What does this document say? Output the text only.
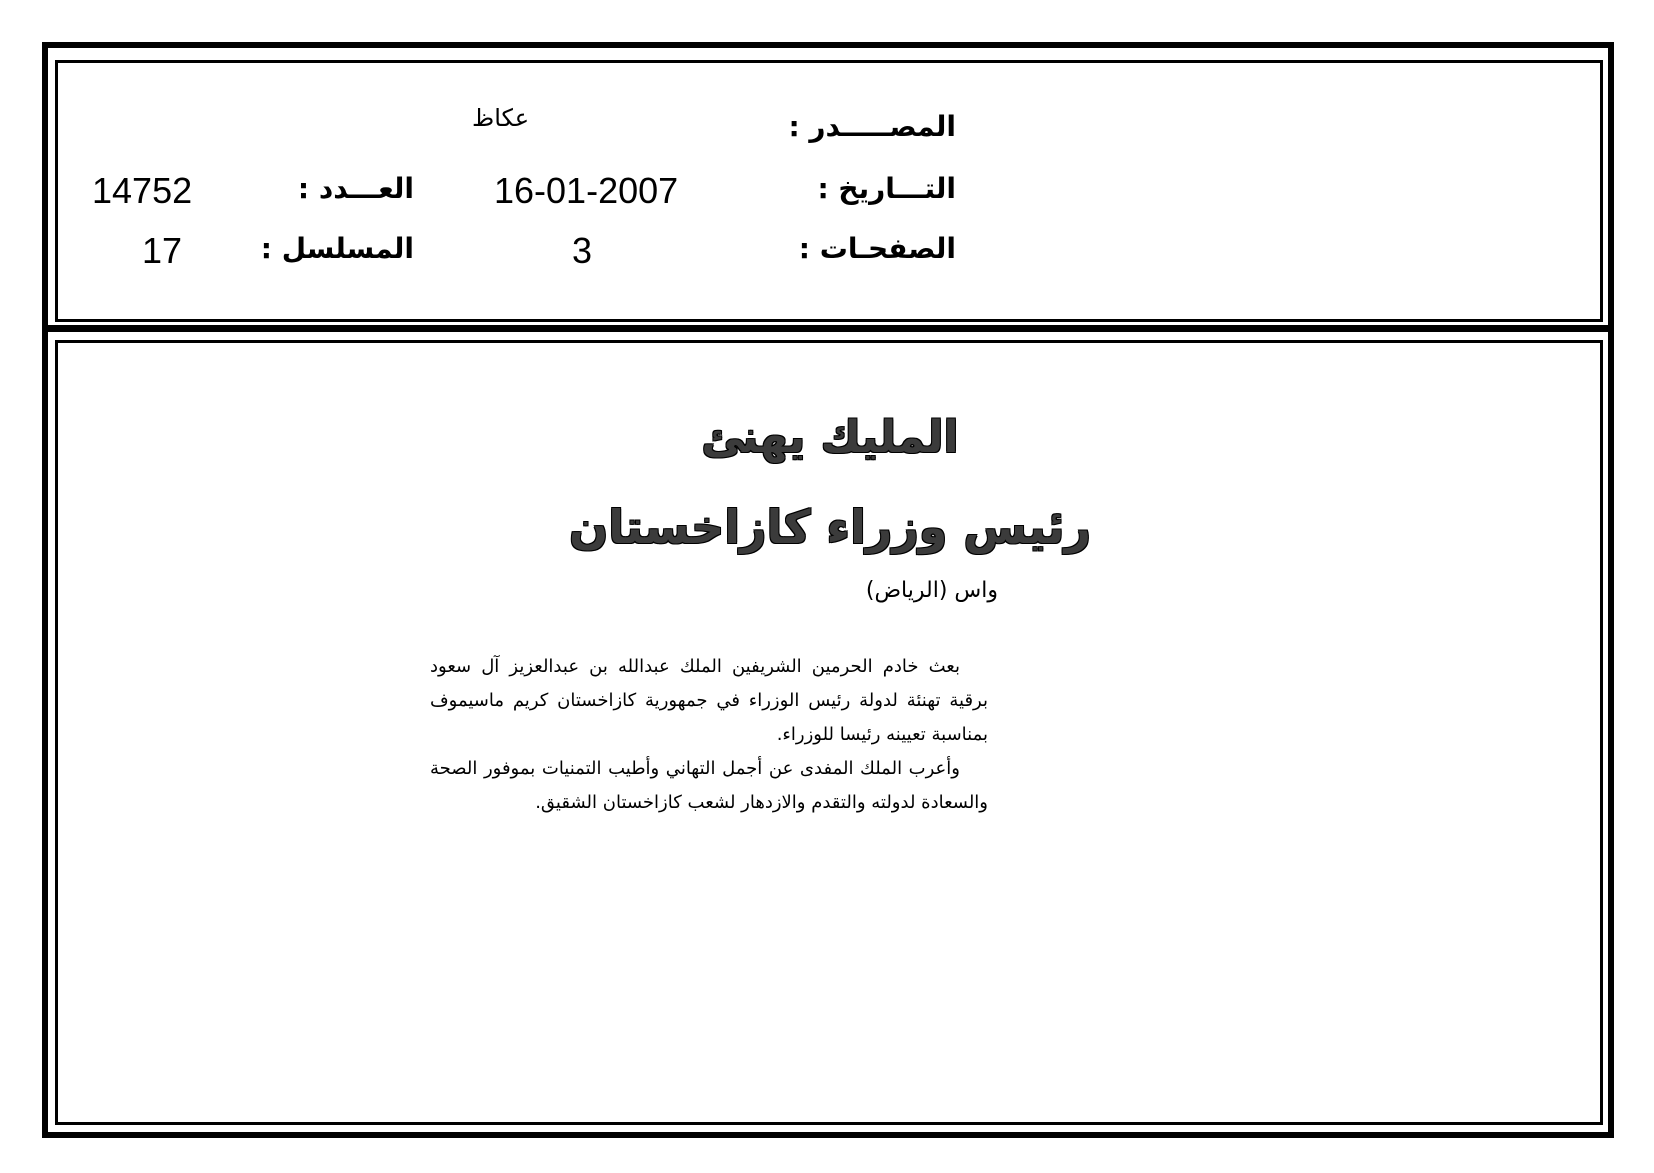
المصـــــدر :
عكاظ
التـــاريخ :
16-01-2007
العـــدد :
14752
الصفحـات :
3
المسلسل :
17
المليك يهنئ
رئيس وزراء كازاخستان
واس (الرياض)

بعث خادم الحرمين الشريفين الملك عبدالله بن عبدالعزيز آل سعود برقية تهنئة لدولة رئيس الوزراء في جمهورية كازاخستان كريم ماسيموف بمناسبة تعيينه رئيسا للوزراء.

وأعرب الملك المفدى عن أجمل التهاني وأطيب التمنيات بموفور الصحة والسعادة لدولته والتقدم والازدهار لشعب كازاخستان الشقيق.
